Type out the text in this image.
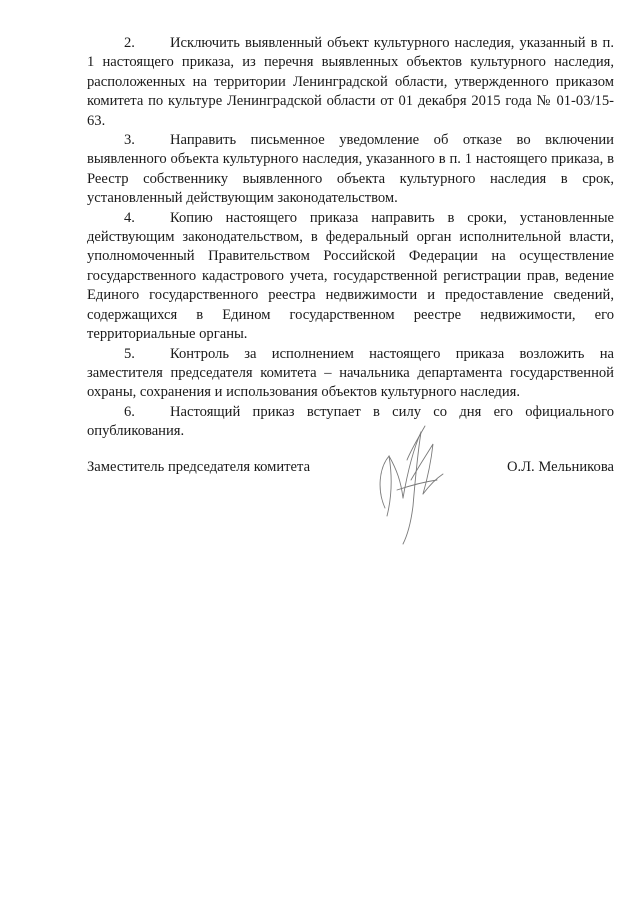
2. Исключить выявленный объект культурного наследия, указанный в п. 1 настоящего приказа, из перечня выявленных объектов культурного наследия, расположенных на территории Ленинградской области, утвержденного приказом комитета по культуре Ленинградской области от 01 декабря 2015 года № 01-03/15-63.

3. Направить письменное уведомление об отказе во включении выявленного объекта культурного наследия, указанного в п. 1 настоящего приказа, в Реестр собственнику выявленного объекта культурного наследия в срок, установленный действующим законодательством.

4. Копию настоящего приказа направить в сроки, установленные действующим законодательством, в федеральный орган исполнительной власти, уполномоченный Правительством Российской Федерации на осуществление государственного кадастрового учета, государственной регистрации прав, ведение Единого государственного реестра недвижимости и предоставление сведений, содержащихся в Едином государственном реестре недвижимости, его территориальные органы.

5. Контроль за исполнением настоящего приказа возложить на заместителя председателя комитета – начальника департамента государственной охраны, сохранения и использования объектов культурного наследия.

6. Настоящий приказ вступает в силу со дня его официального опубликования.

Заместитель председателя комитета	О.Л. Мельникова
